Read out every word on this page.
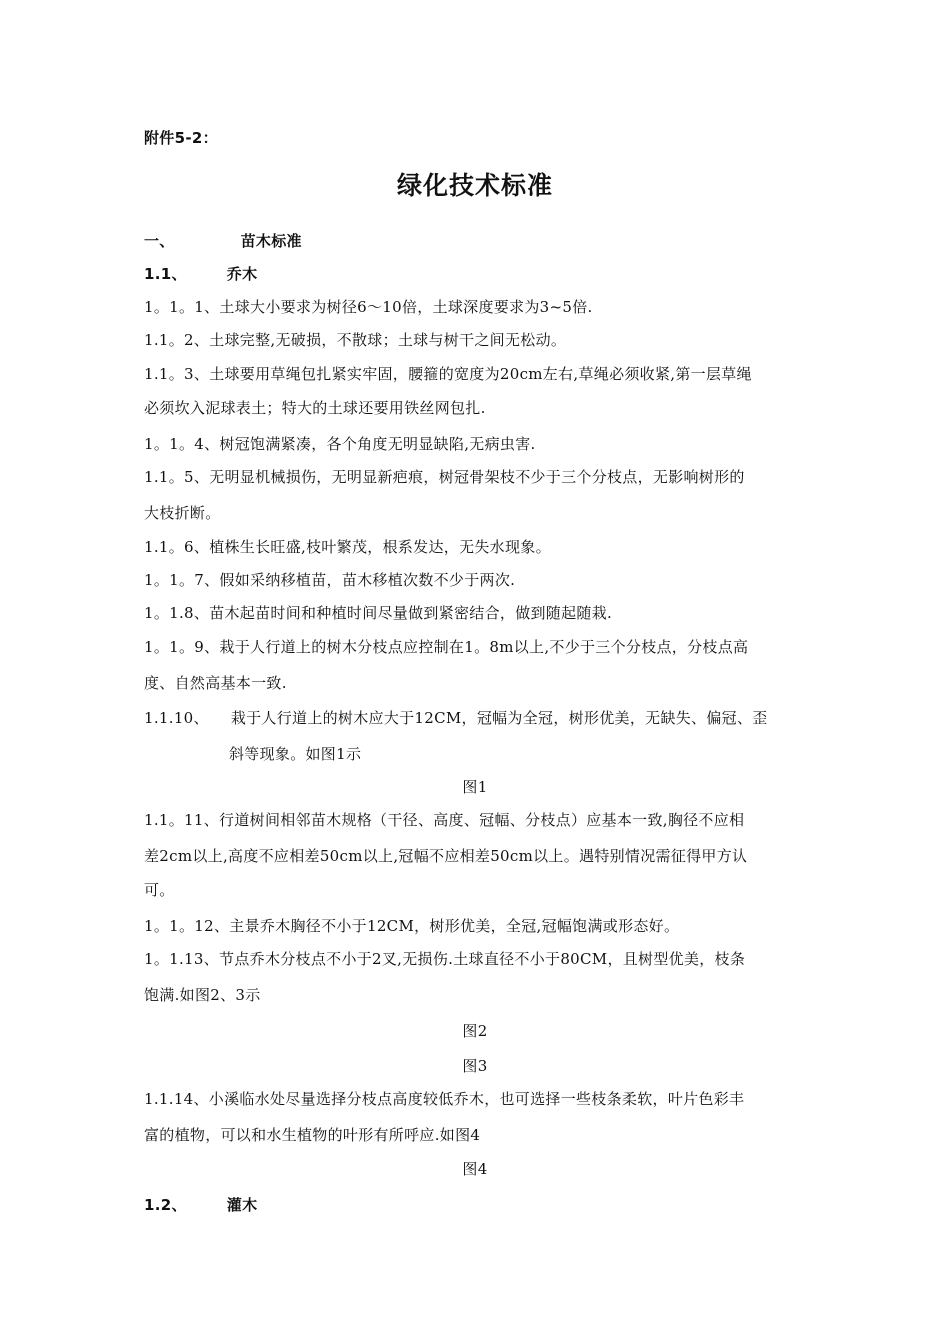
附件5-2：
绿化技术标准
一、	苗木标准
1.1、	乔木
1。1。1、土球大小要求为树径6～10倍，土球深度要求为3~5倍.
1.1。2、土球完整,无破损，不散球；土球与树干之间无松动。
1.1。3、土球要用草绳包扎紧实牢固，腰箍的宽度为20cm左右,草绳必须收紧,第一层草绳
必须坎入泥球表土；特大的土球还要用铁丝网包扎.
1。1。4、树冠饱满紧凑，各个角度无明显缺陷,无病虫害.
1.1。5、无明显机械损伤，无明显新疤痕，树冠骨架枝不少于三个分枝点，无影响树形的
大枝折断。
1.1。6、植株生长旺盛,枝叶繁茂，根系发达，无失水现象。
1。1。7、假如采纳移植苗，苗木移植次数不少于两次.
1。1.8、苗木起苗时间和种植时间尽量做到紧密结合，做到随起随栽.
1。1。9、栽于人行道上的树木分枝点应控制在1。8m以上,不少于三个分枝点，分枝点高
度、自然高基本一致.
1.1.10、 栽于人行道上的树木应大于12CM，冠幅为全冠，树形优美，无缺失、偏冠、歪
斜等现象。如图1示
图1
1.1。11、行道树间相邻苗木规格（干径、高度、冠幅、分枝点）应基本一致,胸径不应相
差2cm以上,高度不应相差50cm以上,冠幅不应相差50cm以上。遇特别情况需征得甲方认
可。
1。1。12、主景乔木胸径不小于12CM，树形优美，全冠,冠幅饱满或形态好。
1。1.13、节点乔木分枝点不小于2叉,无损伤.土球直径不小于80CM，且树型优美，枝条
饱满.如图2、3示
图2
图3
1.1.14、小溪临水处尽量选择分枝点高度较低乔木，也可选择一些枝条柔软，叶片色彩丰
富的植物，可以和水生植物的叶形有所呼应.如图4
图4
1.2、	灌木
